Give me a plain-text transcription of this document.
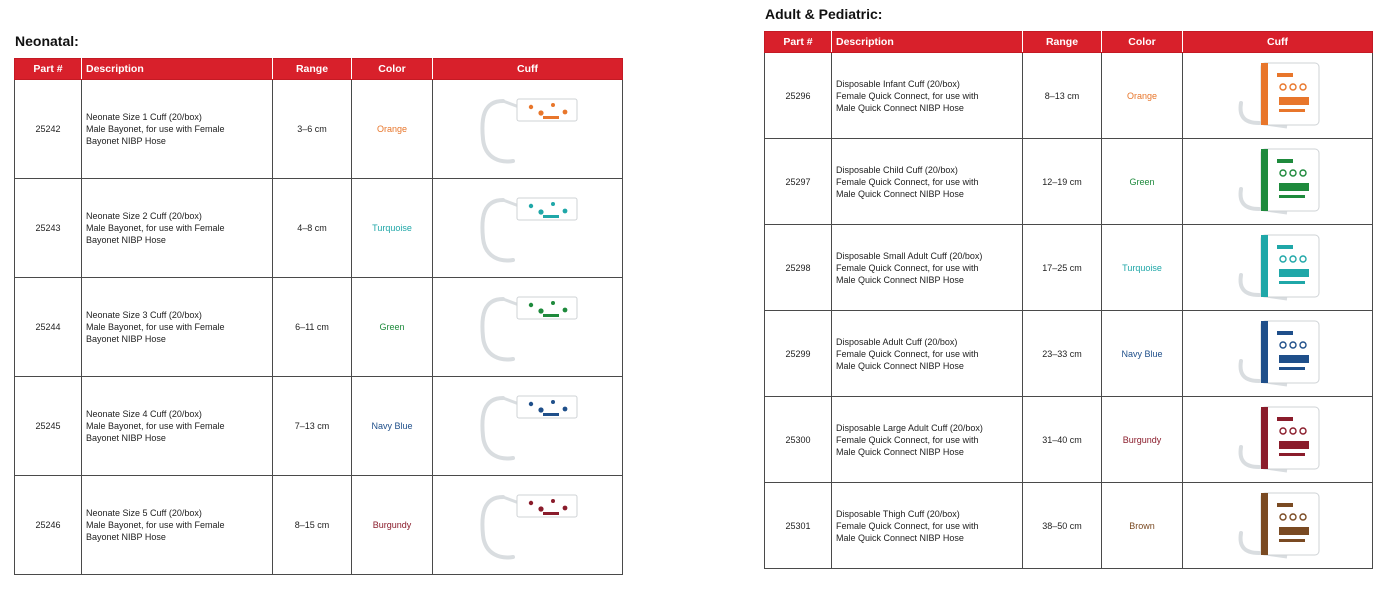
Neonatal:
Part #	Description	Range	Color	Cuff
25242	Neonate Size 1 Cuff (20/box)
Male Bayonet, for use with Female
Bayonet NIBP Hose	3–6 cm	Orange	

25243	Neonate Size 2 Cuff (20/box)
Male Bayonet, for use with Female
Bayonet NIBP Hose	4–8 cm	Turquoise	

25244	Neonate Size 3 Cuff (20/box)
Male Bayonet, for use with Female
Bayonet NIBP Hose	6–11 cm	Green	

25245	Neonate Size 4 Cuff (20/box)
Male Bayonet, for use with Female
Bayonet NIBP Hose	7–13 cm	Navy Blue	

25246	Neonate Size 5 Cuff (20/box)
Male Bayonet, for use with Female
Bayonet NIBP Hose	8–15 cm	Burgundy	
Adult & Pediatric:
Part #	Description	Range	Color	Cuff
25296	Disposable Infant Cuff (20/box)
Female Quick Connect, for use with
Male Quick Connect NIBP Hose	8–13 cm	Orange	

25297	Disposable Child Cuff (20/box)
Female Quick Connect, for use with
Male Quick Connect NIBP Hose	12–19 cm	Green	

25298	Disposable Small Adult Cuff (20/box)
Female Quick Connect, for use with
Male Quick Connect NIBP Hose	17–25 cm	Turquoise	

25299	Disposable Adult Cuff (20/box)
Female Quick Connect, for use with
Male Quick Connect NIBP Hose	23–33 cm	Navy Blue	

25300	Disposable Large Adult Cuff (20/box)
Female Quick Connect, for use with
Male Quick Connect NIBP Hose	31–40 cm	Burgundy	

25301	Disposable Thigh Cuff (20/box)
Female Quick Connect, for use with
Male Quick Connect NIBP Hose	38–50 cm	Brown	
